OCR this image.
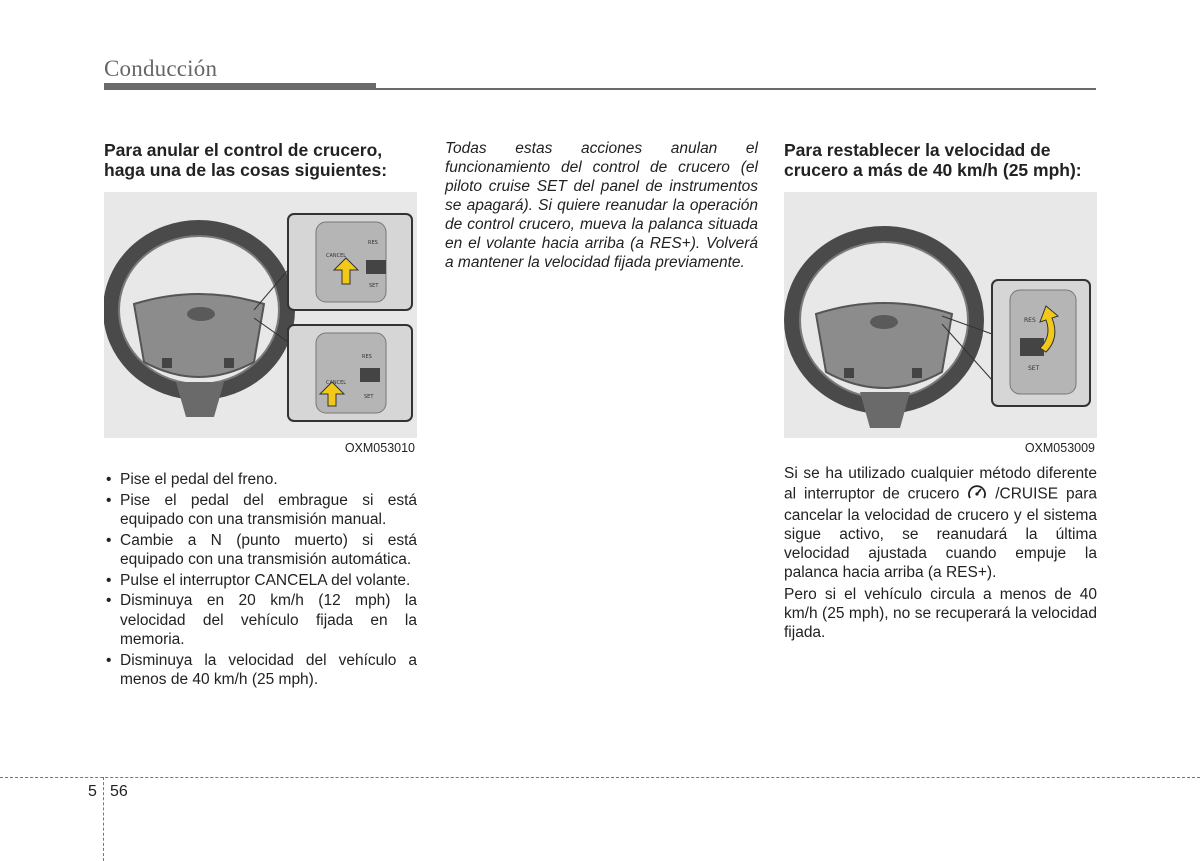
Conducción

Para anular el control de crucero, haga una de las cosas siguientes:

CANCEL
RES
SET
CANCEL
RES
SET
OXM053010
• Pise el pedal del freno.
• Pise el pedal del embrague si está equipado con una transmisión manual.
• Cambie a N (punto muerto) si está equipado con una transmisión automática.
• Pulse el interruptor CANCELA del volante.
• Disminuya en 20 km/h (12 mph) la velocidad del vehículo fijada en la memoria.
• Disminuya la velocidad del vehículo a menos de 40 km/h (25 mph).

Todas estas acciones anulan el funcionamiento del control de crucero (el piloto cruise SET del panel de instrumentos se apagará). Si quiere reanudar la operación de control crucero, mueva la palanca situada en el volante hacia arriba (a RES+). Volverá a mantener la velocidad fijada previamente.

Para restablecer la velocidad de crucero a más de 40 km/h (25 mph):

RES
SET
OXM053009

Si se ha utilizado cualquier método diferente al interruptor de crucero /CRUISE para cancelar la velocidad de crucero y el sistema sigue activo, se reanudará la última velocidad ajustada cuando empuje la palanca hacia arriba (a RES+).

Pero si el vehículo circula a menos de 40 km/h (25 mph), no se recuperará la velocidad fijada.

5 56
